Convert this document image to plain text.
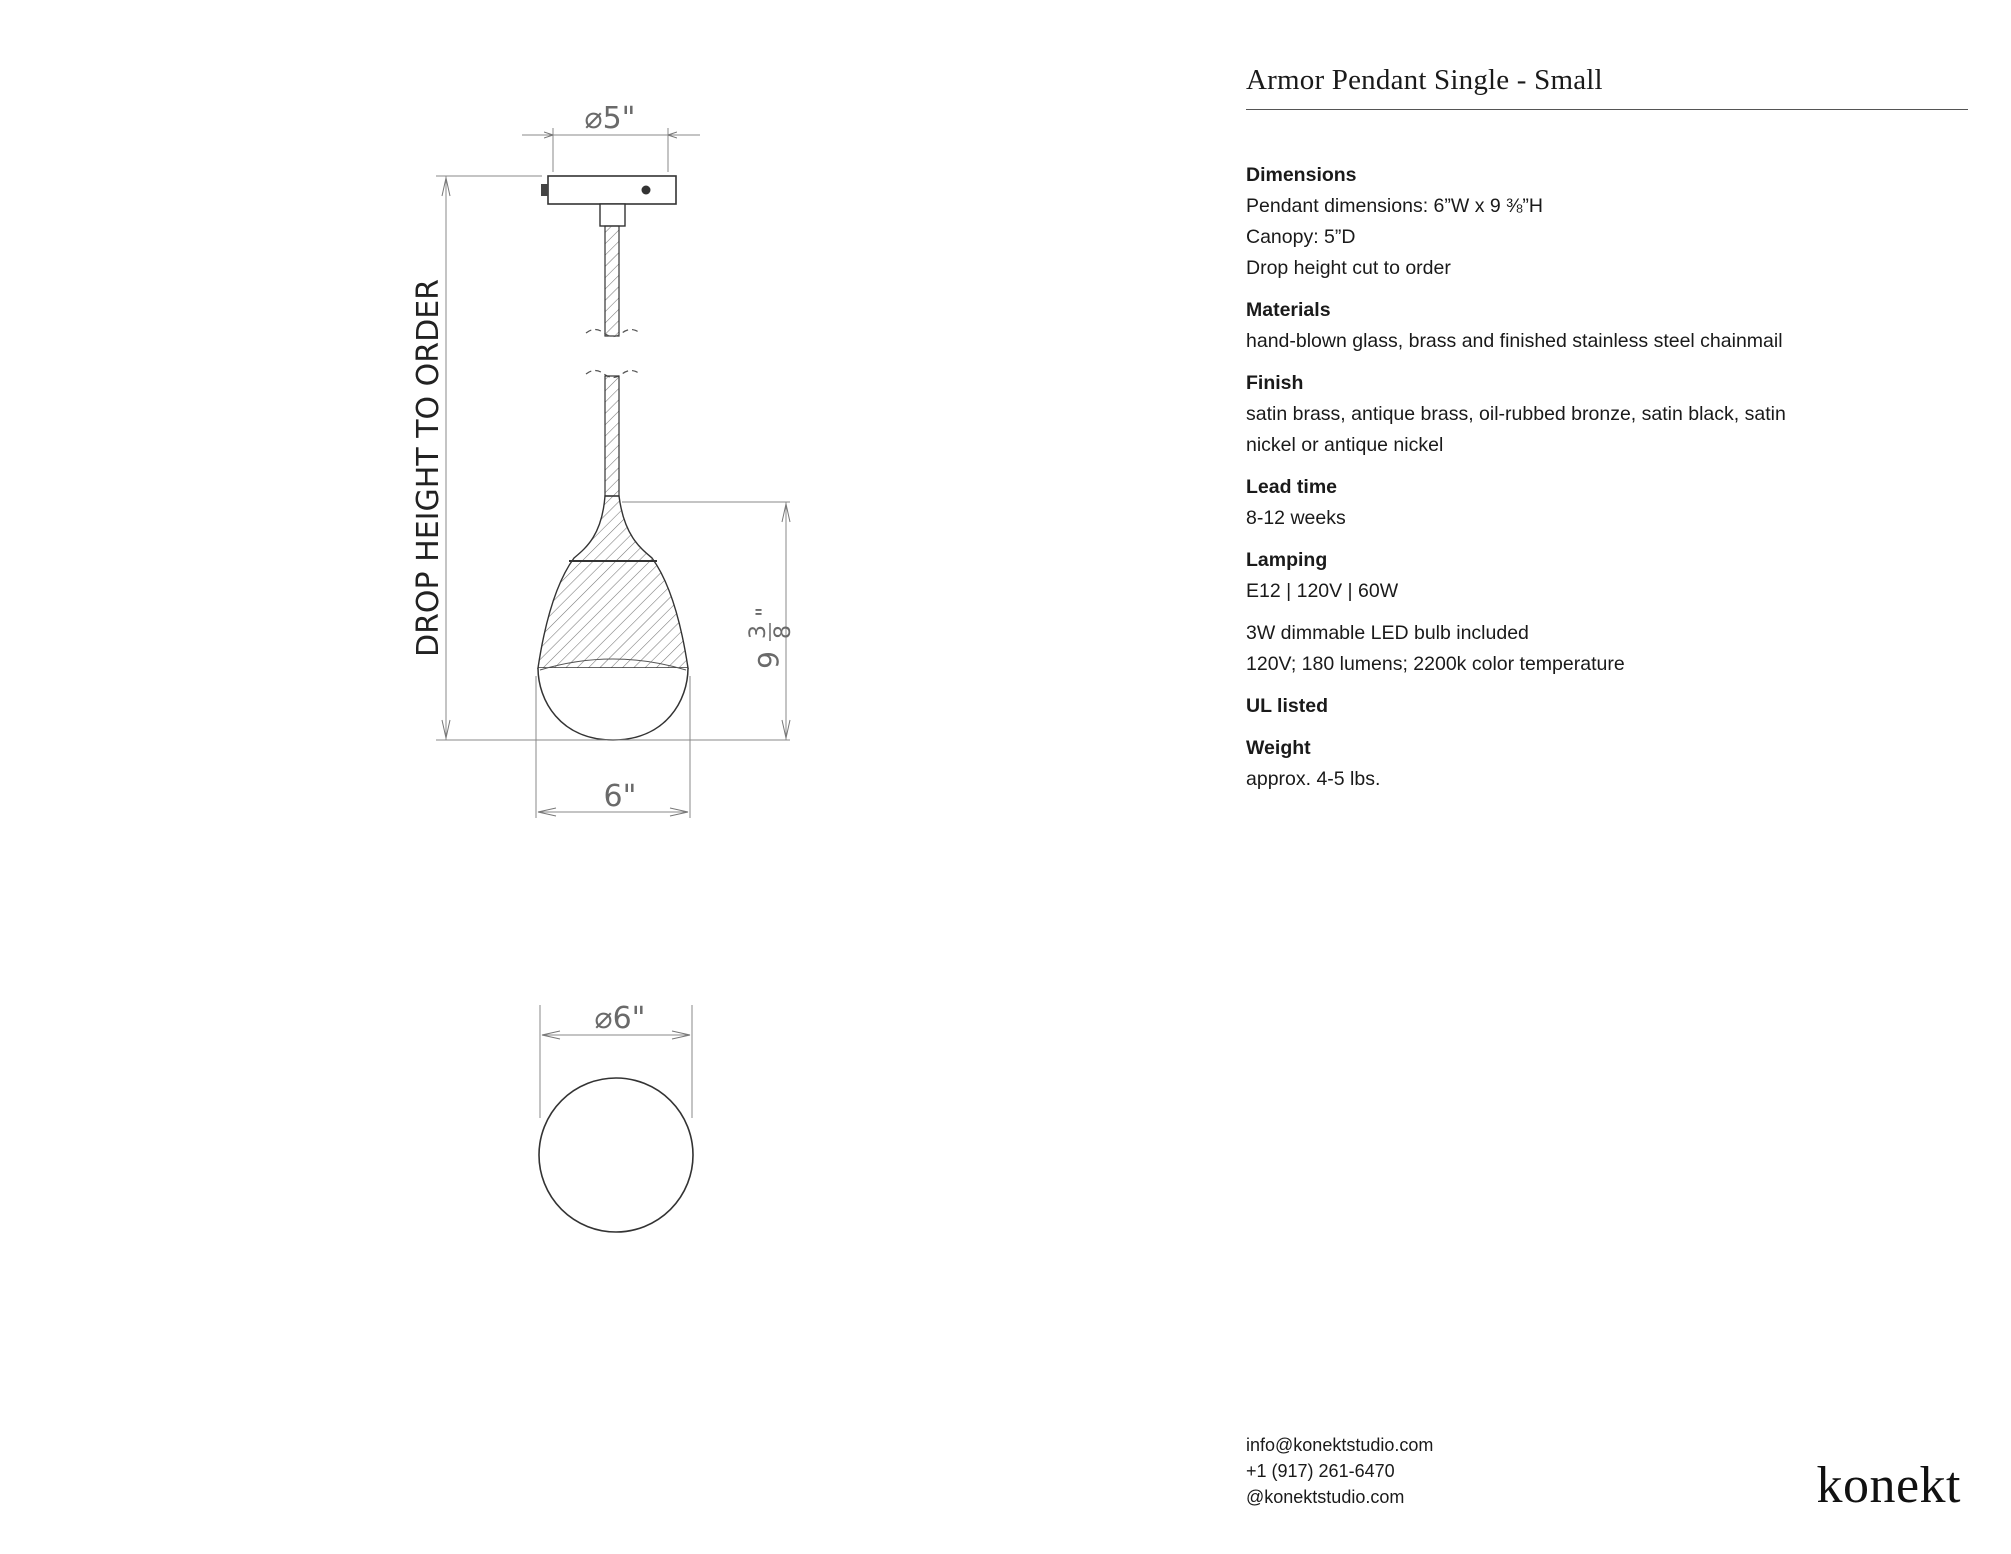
⌀5"
DROP HEIGHT TO ORDER
9
3 8
"
6"
⌀6"
Armor Pendant Single - Small

Dimensions

Pendant dimensions: 6”W x 9 ⅜”H

Canopy: 5”D

Drop height cut to order

Materials

hand-blown glass, brass and finished stainless steel chainmail

Finish

satin brass, antique brass, oil-rubbed bronze, satin black, satin

nickel or antique nickel

Lead time

8-12 weeks

Lamping

E12 | 120V | 60W

3W dimmable LED bulb included

120V; 180 lumens; 2200k color temperature

UL listed

Weight

approx. 4-5 lbs.

info@konektstudio.com
+1 (917) 261-6470
@konektstudio.com	konekt
